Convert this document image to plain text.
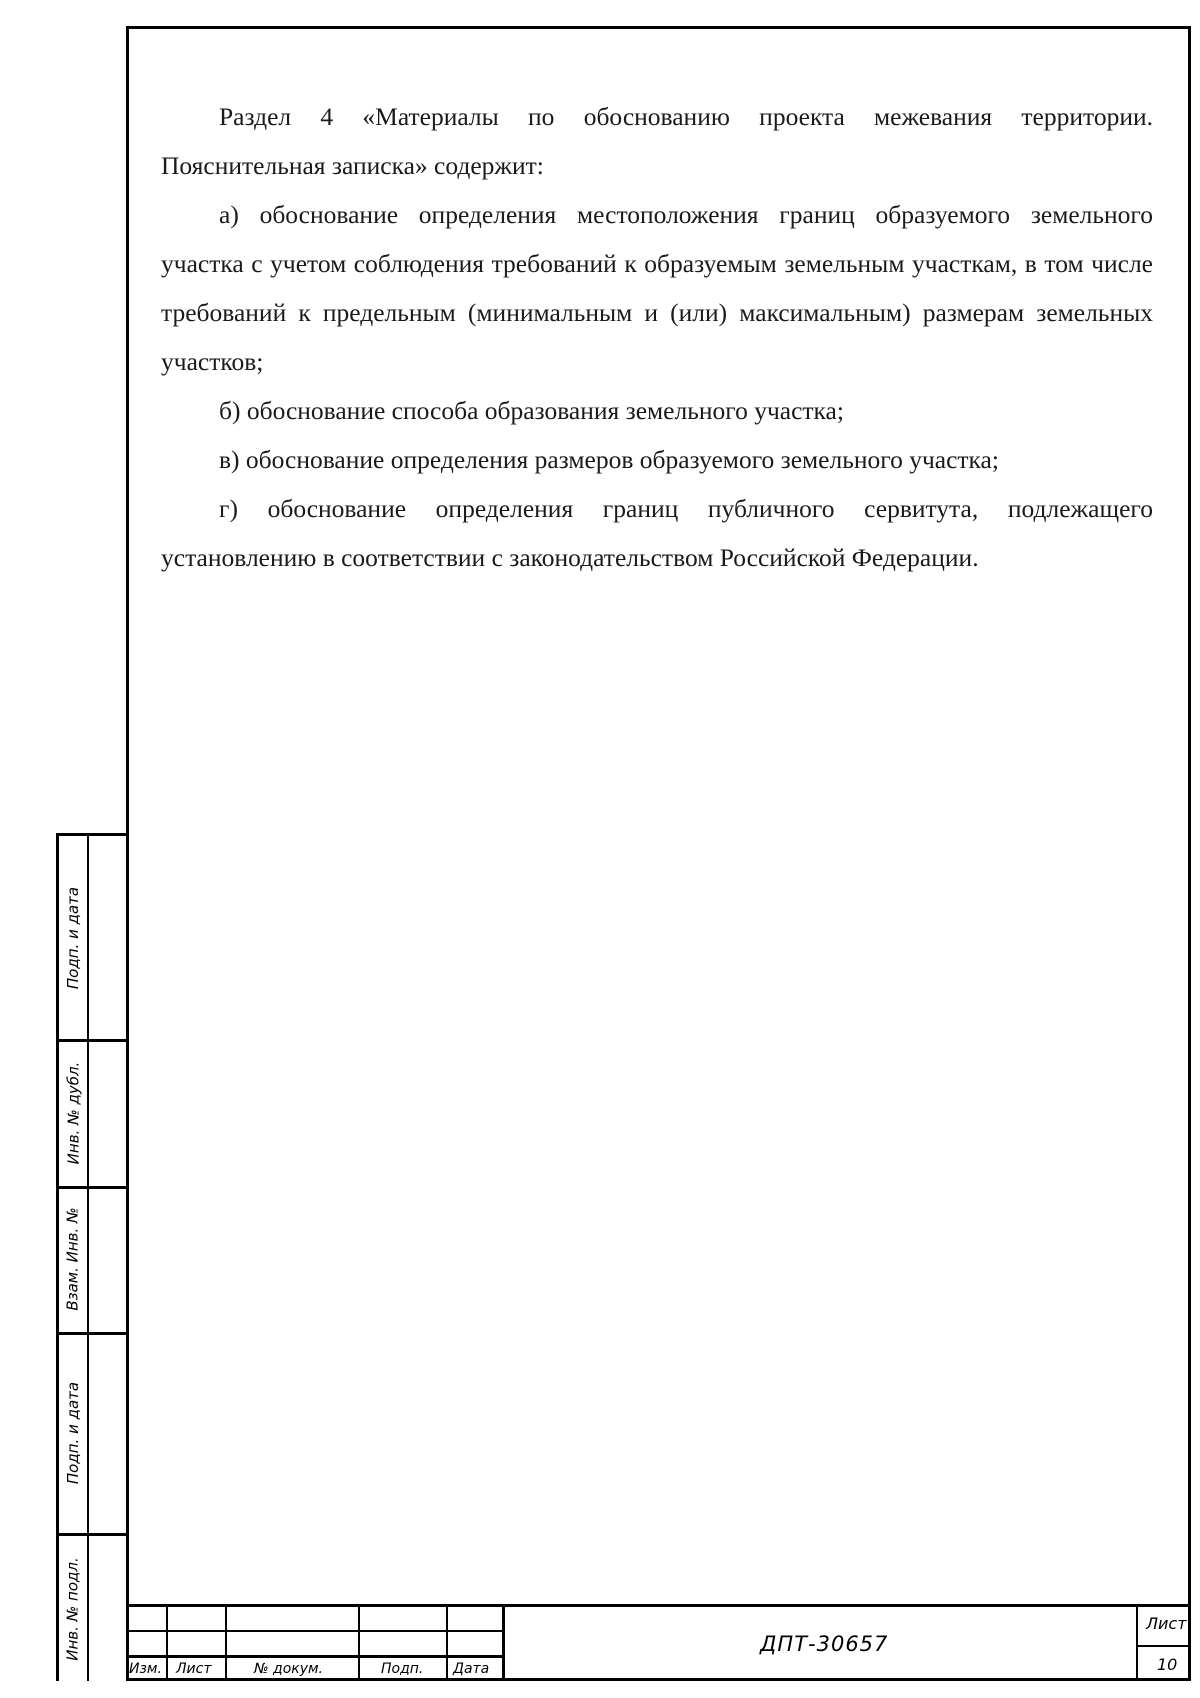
Раздел 4 «Материалы по обоснованию проекта межевания территории. Пояснительная записка» содержит:

а) обоснование определения местоположения границ образуемого земельного участка с учетом соблюдения требований к образуемым земельным участкам, в том числе требований к предельным (минимальным и (или) максимальным) размерам земельных участков;

б) обоснование способа образования земельного участка;

в) обоснование определения размеров образуемого земельного участка;

г) обоснование определения границ публичного сервитута, подлежащего установлению в соответствии с законодательством Российской Федерации.

Подп. и дата
Инв. № дубл.
Взам. Инв. №
Подп. и дата
Инв. № подл.
Изм. Лист	№ докум.	Подп. Дата
ДПТ-30657
Лист
10
